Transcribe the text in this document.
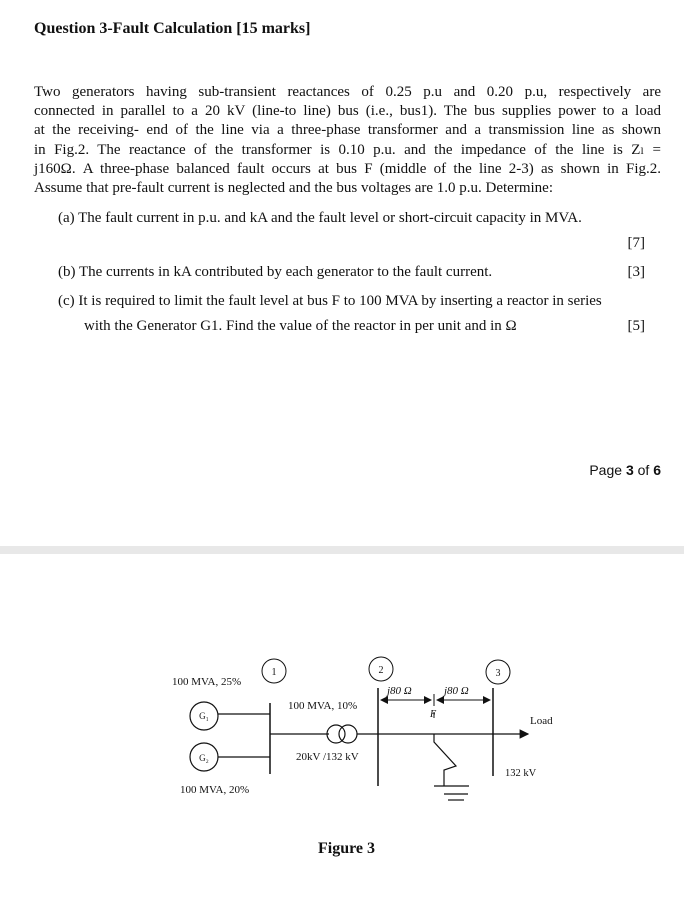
Question 3-Fault Calculation [15 marks]
Two generators having sub-transient reactances of 0.25 p.u and 0.20 p.u, respectively are
connected in parallel to a 20 kV (line-to line) bus (i.e., bus1). The bus supplies power to a load
at the receiving- end of the line via a three-phase transformer and a transmission line as shown
in Fig.2. The reactance of the transformer is 0.10 p.u. and the impedance of the line is Zₗ =
j160Ω. A three-phase balanced fault occurs at bus F (middle of the line 2-3) as shown in Fig.2.
Assume that pre-fault current is neglected and the bus voltages are 1.0 p.u. Determine:
(a) The fault current in p.u. and kA and the fault level or short-circuit capacity in MVA.
[7]
(b) The currents in kA contributed by each generator to the fault current.	[3]
(c) It is required to limit the fault level at bus F to 100 MVA by inserting a reactor in series
with the Generator G1. Find the value of the reactor in per unit and in Ω	[5]
Page 3 of 6
1	2	3
100 MVA, 25%
100 MVA, 20%
G₁
G₂
100 MVA, 10%
20kV /132 kV
j80 Ω	j80 Ω
F
Load
132 kV
Figure 3
